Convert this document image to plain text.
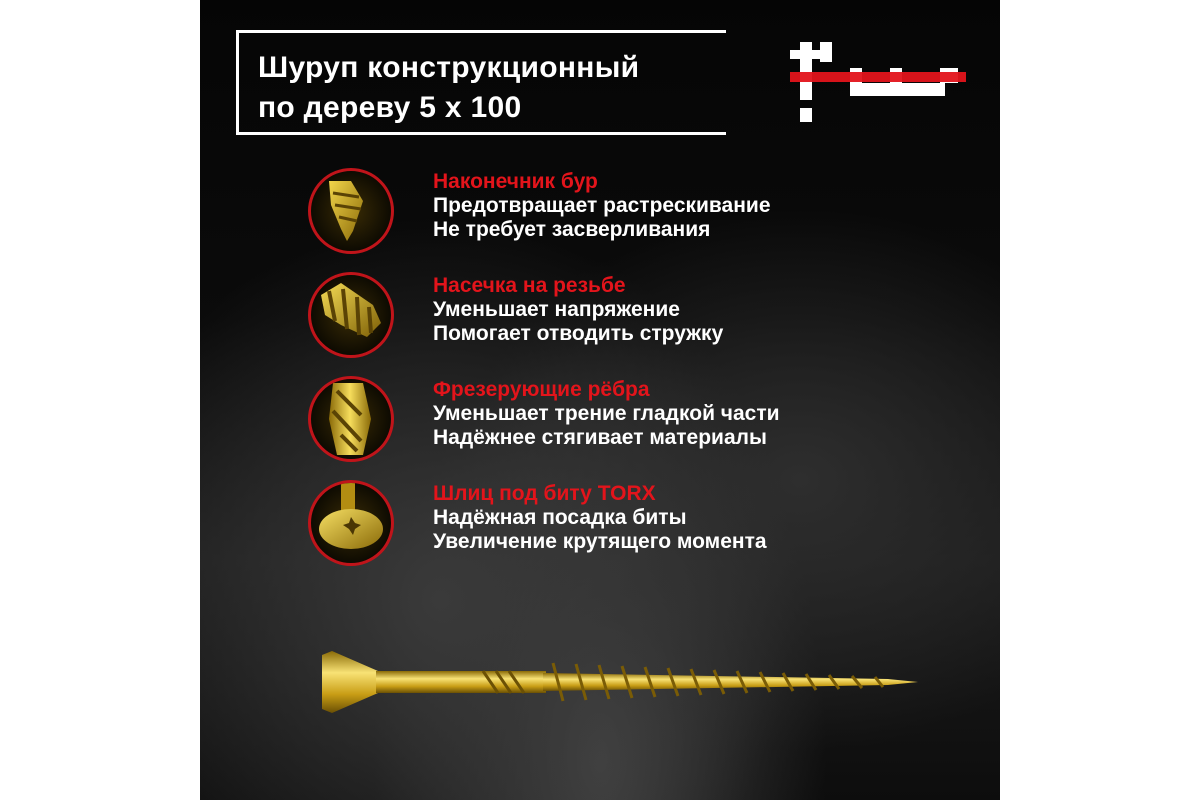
Шуруп конструкционный
по дереву 5 х 100
Наконечник бур
Предотвращает растрескивание
Не требует засверливания
Насечка на резьбе
Уменьшает напряжение
Помогает отводить стружку
Фрезерующие рёбра
Уменьшает трение гладкой части
Надёжнее стягивает материалы
Шлиц под биту TORX
Надёжная посадка биты
Увеличение крутящего момента
